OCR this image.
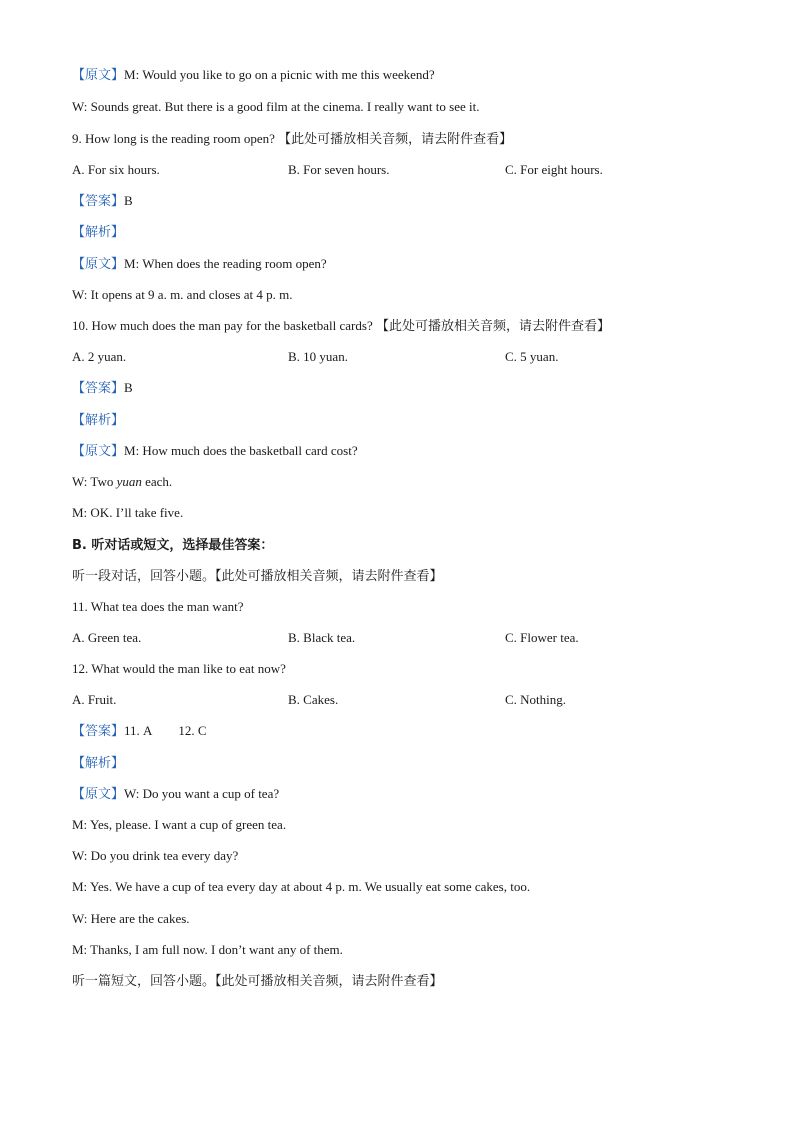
【原文】M: Would you like to go on a picnic with me this weekend?
W: Sounds great. But there is a good film at the cinema. I really want to see it.
9. How long is the reading room open? 【此处可播放相关音频，请去附件查看】
A. For six hours.	B. For seven hours.	C. For eight hours.
【答案】B
【解析】
【原文】M: When does the reading room open?
W: It opens at 9 a. m. and closes at 4 p. m.
10. How much does the man pay for the basketball cards? 【此处可播放相关音频，请去附件查看】
A. 2 yuan.	B. 10 yuan.	C. 5 yuan.
【答案】B
【解析】
【原文】M: How much does the basketball card cost?
W: Two yuan each.
M: OK. I’ll take five.
B. 听对话或短文，选择最佳答案：
听一段对话，回答小题。【此处可播放相关音频，请去附件查看】
11. What tea does the man want?
A. Green tea.	B. Black tea.	C. Flower tea.
12. What would the man like to eat now?
A. Fruit.	B. Cakes.	C. Nothing.
【答案】11. A 12. C
【解析】
【原文】W: Do you want a cup of tea?
M: Yes, please. I want a cup of green tea.
W: Do you drink tea every day?
M: Yes. We have a cup of tea every day at about 4 p. m. We usually eat some cakes, too.
W: Here are the cakes.
M: Thanks, I am full now. I don’t want any of them.
听一篇短文，回答小题。【此处可播放相关音频，请去附件查看】
